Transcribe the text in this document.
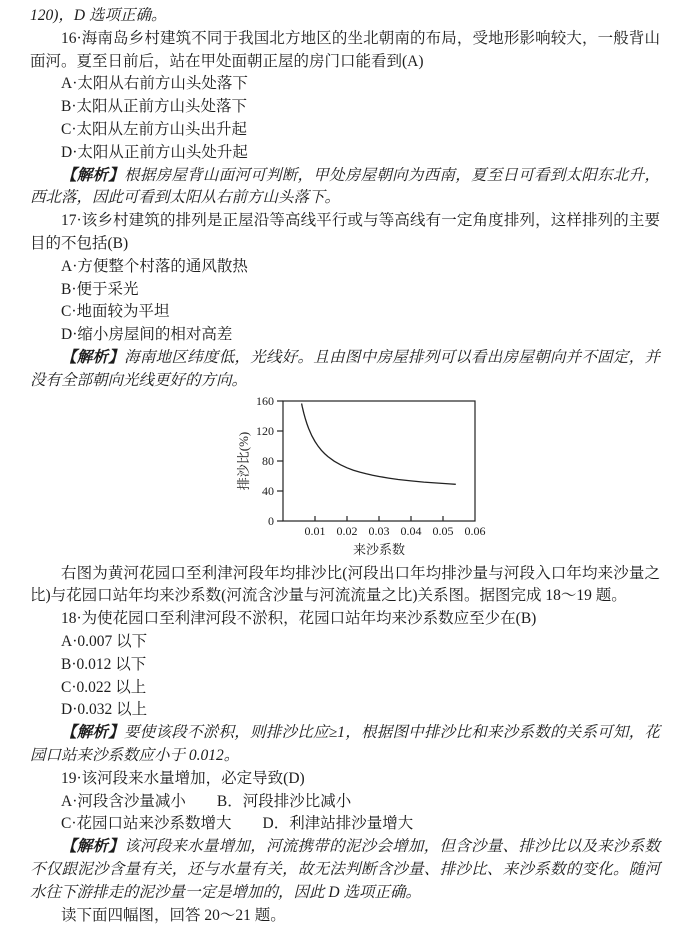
120)，D 选项正确。

16·海南岛乡村建筑不同于我国北方地区的坐北朝南的布局，受地形影响较大，一般背山面河。夏至日前后，站在甲处面朝正屋的房门口能看到(A)

A·太阳从右前方山头处落下

B·太阳从正前方山头处落下

C·太阳从左前方山头出升起

D·太阳从正前方山头处升起

【解析】根据房屋背山面河可判断，甲处房屋朝向为西南，夏至日可看到太阳东北升，西北落，因此可看到太阳从右前方山头落下。

17·该乡村建筑的排列是正屋沿等高线平行或与等高线有一定角度排列，这样排列的主要目的不包括(B)

A·方便整个村落的通风散热

B·便于采光

C·地面较为平坦

D·缩小房屋间的相对高差

【解析】海南地区纬度低，光线好。且由图中房屋排列可以看出房屋朝向并不固定，并没有全部朝向光线更好的方向。

0
40
80
120
160
0.01 0.02 0.03 0.04 0.05 0.06
来沙系数
排沙比(%)

右图为黄河花园口至利津河段年均排沙比(河段出口年均排沙量与河段入口年均来沙量之比)与花园口站年均来沙系数(河流含沙量与河流流量之比)关系图。据图完成 18～19 题。

18·为使花园口至利津河段不淤积，花园口站年均来沙系数应至少在(B)

A·0.007 以下

B·0.012 以下

C·0.022 以上

D·0.032 以上

【解析】要使该段不淤积，则排沙比应≥1，根据图中排沙比和来沙系数的关系可知，花园口站来沙系数应小于 0.012。

19·该河段来水量增加，必定导致(D)

A·河段含沙量减小　　B．河段排沙比减小

C·花园口站来沙系数增大　　D．利津站排沙量增大

【解析】该河段来水量增加，河流携带的泥沙会增加，但含沙量、排沙比以及来沙系数不仅跟泥沙含量有关，还与水量有关，故无法判断含沙量、排沙比、来沙系数的变化。随河水往下游排走的泥沙量一定是增加的，因此 D 选项正确。

读下面四幅图，回答 20～21 题。
